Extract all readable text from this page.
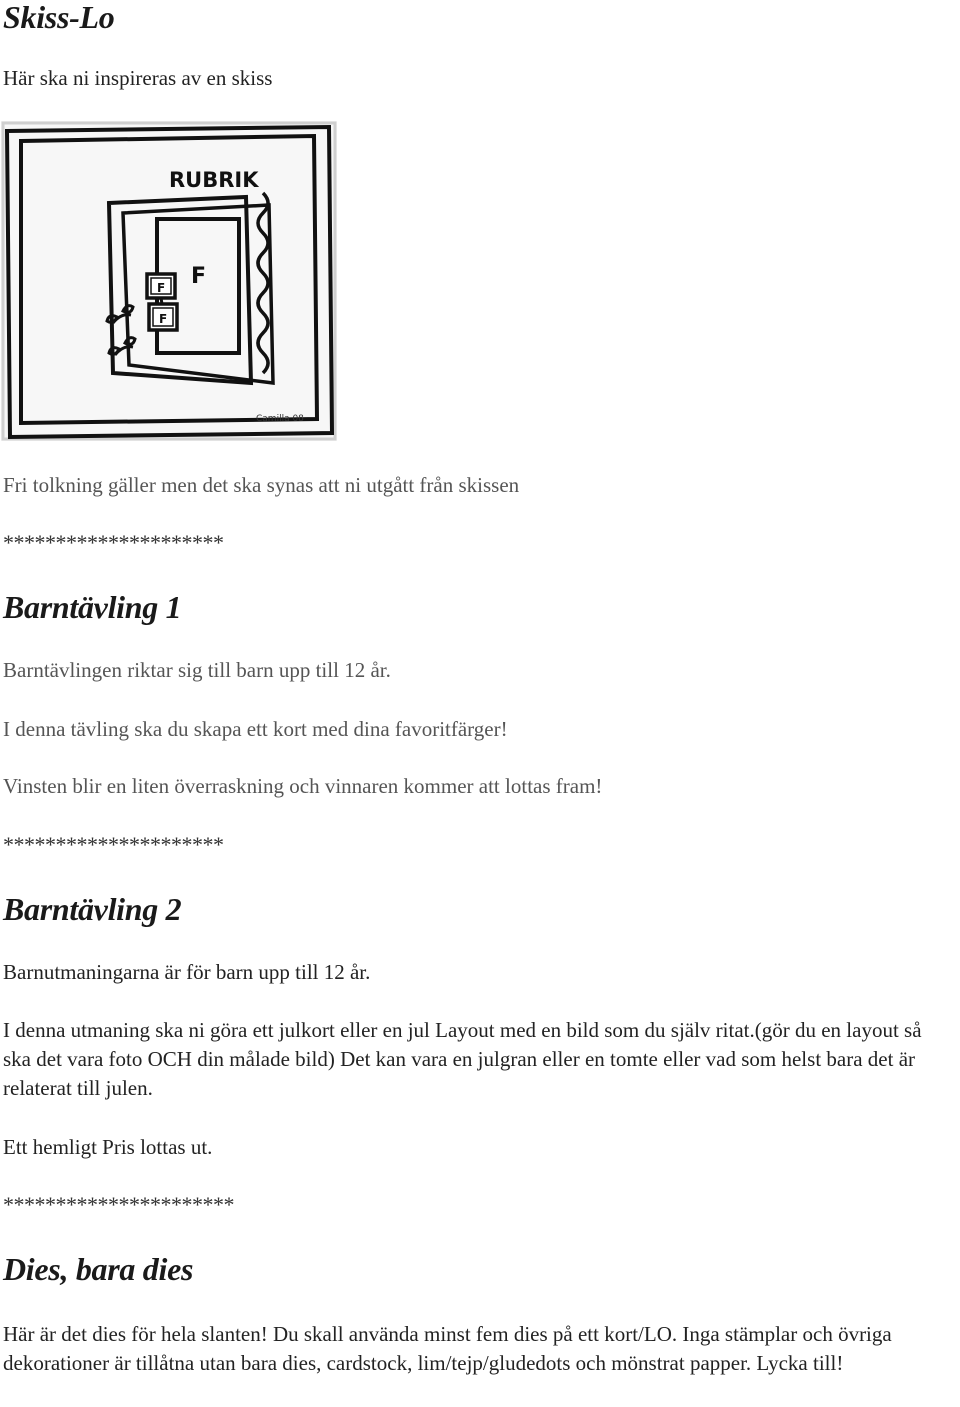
Skiss-Lo

Här ska ni inspireras av en skiss

RUBRIK
F
F
F
Camilla 08

Fri tolkning gäller men det ska synas att ni utgått från skissen

*********************
Barntävling 1

Barntävlingen riktar sig till barn upp till 12 år.

I denna tävling ska du skapa ett kort med dina favoritfärger!

Vinsten blir en liten överraskning och vinnaren kommer att lottas fram!

*********************
Barntävling 2

Barnutmaningarna är för barn upp till 12 år.

I denna utmaning ska ni göra ett julkort eller en jul Layout med en bild som du själv ritat.(gör du en layout så ska det vara foto OCH din målade bild) Det kan vara en julgran eller en tomte eller vad som helst bara det är relaterat till julen.

Ett hemligt Pris lottas ut.

**********************
Dies, bara dies

Här är det dies för hela slanten! Du skall använda minst fem dies på ett kort/LO. Inga stämplar och övriga dekorationer är tillåtna utan bara dies, cardstock, lim/tejp/gludedots och mönstrat papper. Lycka till!
